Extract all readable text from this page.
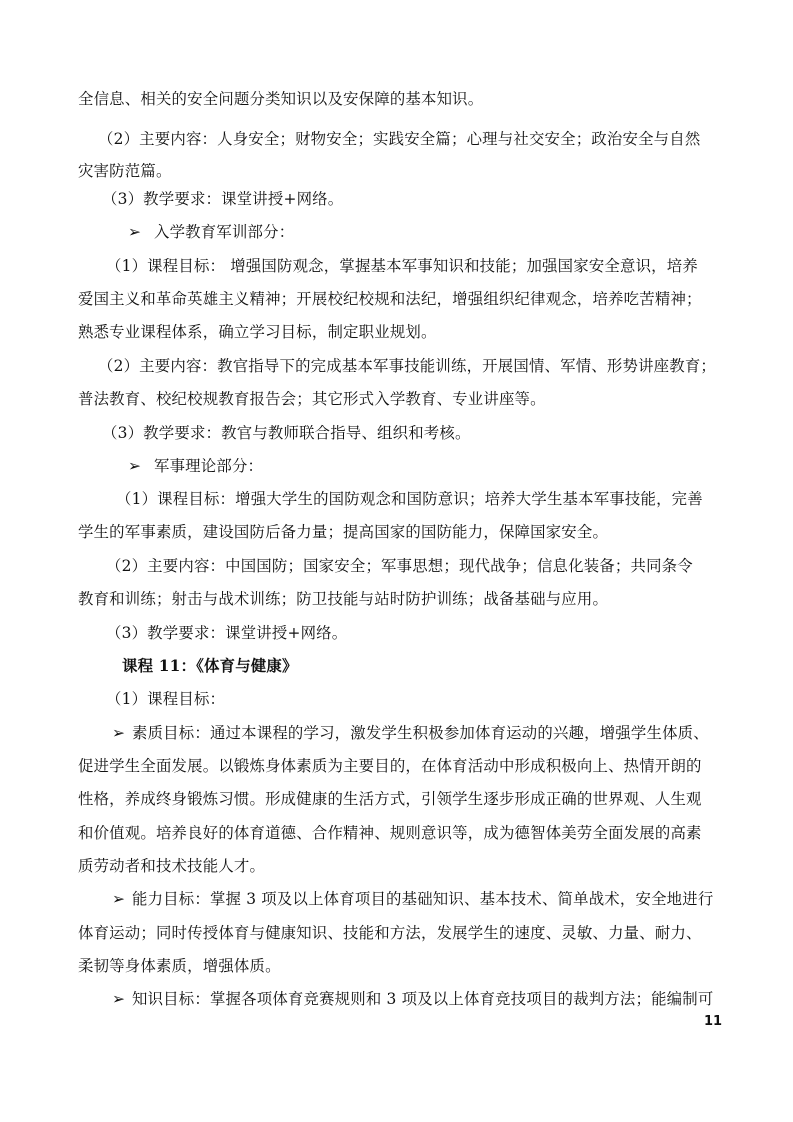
全信息、相关的安全问题分类知识以及安保障的基本知识。
（2）主要内容：人身安全；财物安全；实践安全篇；心理与社交安全；政治安全与自然
灾害防范篇。
（3）教学要求：课堂讲授+网络。
➢ 入学教育军训部分：
（1）课程目标： 增强国防观念，掌握基本军事知识和技能；加强国家安全意识，培养
爱国主义和革命英雄主义精神；开展校纪校规和法纪，增强组织纪律观念，培养吃苦精神；
熟悉专业课程体系，确立学习目标，制定职业规划。
（2）主要内容：教官指导下的完成基本军事技能训练，开展国情、军情、形势讲座教育；
普法教育、校纪校规教育报告会；其它形式入学教育、专业讲座等。
（3）教学要求：教官与教师联合指导、组织和考核。
➢ 军事理论部分：
（1）课程目标：增强大学生的国防观念和国防意识；培养大学生基本军事技能，完善
学生的军事素质，建设国防后备力量；提高国家的国防能力，保障国家安全。
（2）主要内容：中国国防；国家安全；军事思想；现代战争；信息化装备；共同条令
教育和训练；射击与战术训练；防卫技能与站时防护训练；战备基础与应用。
（3）教学要求：课堂讲授+网络。
课程 11：《体育与健康》
（1）课程目标：
➢ 素质目标：通过本课程的学习，激发学生积极参加体育运动的兴趣，增强学生体质、
促进学生全面发展。以锻炼身体素质为主要目的，在体育活动中形成积极向上、热情开朗的
性格，养成终身锻炼习惯。形成健康的生活方式，引领学生逐步形成正确的世界观、人生观
和价值观。培养良好的体育道德、合作精神、规则意识等，成为德智体美劳全面发展的高素
质劳动者和技术技能人才。
➢ 能力目标：掌握 3 项及以上体育项目的基础知识、基本技术、简单战术，安全地进行
体育运动；同时传授体育与健康知识、技能和方法，发展学生的速度、灵敏、力量、耐力、
柔韧等身体素质，增强体质。
➢ 知识目标：掌握各项体育竞赛规则和 3 项及以上体育竞技项目的裁判方法；能编制可
11
